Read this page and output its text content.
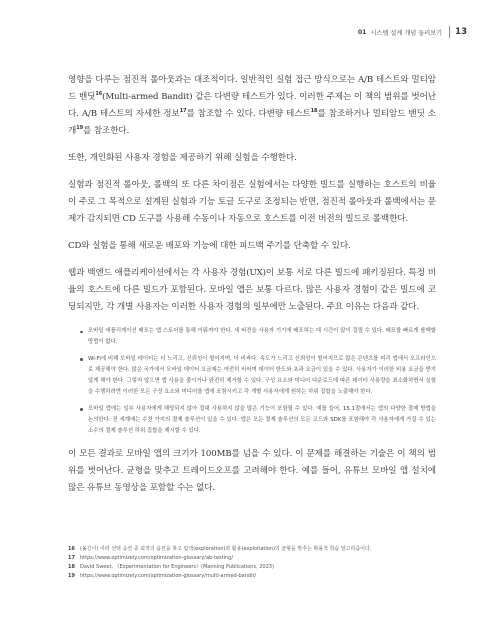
01 시스템 설계 개념 둘러보기 13

영향을 다루는 점진적 롤아웃과는 대조적이다. 일반적인 실험 접근 방식으로는 A/B 테스트와 멀티암드 밴딧$^{16}$(Multi-armed Bandit) 같은 다변량 테스트가 있다. 이러한 주제는 이 책의 범위를 벗어난다. A/B 테스트의 자세한 정보$^{17}$를 참조할 수 있다. 다변량 테스트$^{18}$를 참조하거나 멀티암드 밴딧 소개$^{19}$를 참조한다.

또한, 개인화된 사용자 경험을 제공하기 위해 실험을 수행한다.

실험과 점진적 롤아웃, 롤백의 또 다른 차이점은 실험에서는 다양한 빌드를 실행하는 호스트의 비율이 주로 그 목적으로 설계된 실험과 기능 토글 도구로 조정되는 반면, 점진적 롤아웃과 롤백에서는 문제가 감지되면 CD 도구를 사용해 수동이나 자동으로 호스트를 이전 버전의 빌드로 롤백한다.

CD와 실험을 통해 새로운 배포와 기능에 대한 피드백 주기를 단축할 수 있다.

웹과 백엔드 애플리케이션에서는 각 사용자 경험(UX)이 보통 서로 다른 빌드에 패키징된다. 특정 비율의 호스트에 다른 빌드가 포함된다. 모바일 앱은 보통 다르다. 많은 사용자 경험이 같은 빌드에 코딩되지만, 각 개별 사용자는 이러한 사용자 경험의 일부에만 노출된다. 주요 이유는 다음과 같다.

모바일 애플리케이션 배포는 앱 스토어를 통해 이뤄져야 한다. 새 버전을 사용자 기기에 배포하는 데 시간이 많이 걸릴 수 있다. 배포를 빠르게 롤백할 방법이 없다.
Wi-Fi에 비해 모바일 데이터는 더 느리고, 신뢰성이 떨어지며, 더 비싸다. 속도가 느리고 신뢰성이 떨어지므로 많은 콘텐츠를 미리 앱에서 오프라인으로 제공해야 한다. 많은 국가에서 모바일 데이터 요금제는 여전히 비싸며 데이터 한도와 초과 요금이 있을 수 있다. 사용자가 이러한 비용 요금을 받지 않게 해야 한다. 그렇지 않으면 앱 사용을 줄이거나 완전히 제거할 수 있다. 구성 요소와 미디어 다운로드에 따른 데이터 사용량을 최소화하면서 실험을 수행하려면 이러한 모든 구성 요소와 미디어를 앱에 포함시키고 각 개별 사용자에게 원하는 하위 집합을 노출해야 한다.
모바일 앱에는 일부 사용자에게 해당되지 않아 절대 사용하지 않을 많은 기능이 포함될 수 있다. 예를 들어, 15.1절에서는 앱의 다양한 결제 방법을 논의한다. 전 세계에는 수천 가지의 결제 솔루션이 있을 수 있다. 앱은 모든 결제 솔루션의 모든 코드와 SDK를 포함해야 각 사용자에게 가질 수 있는 소수의 결제 솔루션 하위 집합을 제시할 수 있다.

이 모든 결과로 모바일 앱의 크기가 100MB를 넘을 수 있다. 이 문제를 해결하는 기술은 이 책의 범위를 벗어난다. 균형을 맞추고 트레이드오프를 고려해야 한다. 예를 들어, 유튜브 모바일 앱 설치에 많은 유튜브 동영상을 포함할 수는 없다.

16	(옮긴이) 여러 선택 옵션 중 최적의 옵션을 찾고 탐색(exploration)과 활용(exploitation)의 균형을 맞추는 확률적 학습 알고리즘이다.
17	https://www.optimizely.com/optimization-glossary/ab-testing/
18	David Sweet, 《Experimentation for Engineers》(Manning Publications, 2023)
19	https://www.optimizely.com/optimization-glossary/multi-armed-bandit/
